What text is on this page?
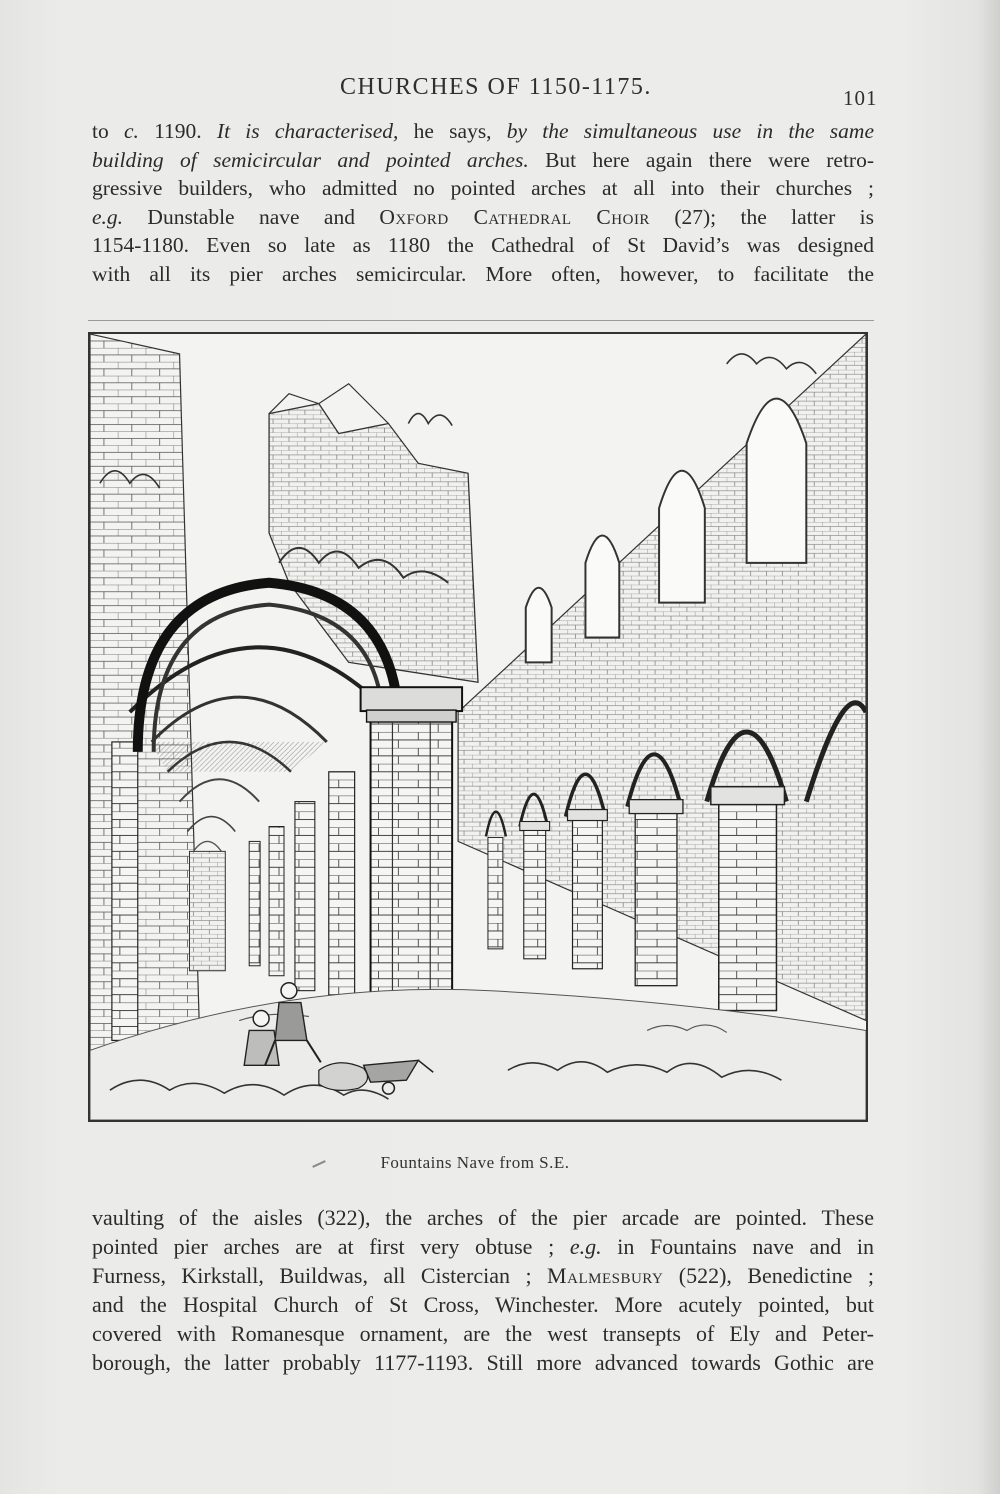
CHURCHES OF 1150-1175.	101
to c. 1190. It is characterised, he says, by the simultaneous use in the same
building of semicircular and pointed arches. But here again there were retro-
gressive builders, who admitted no pointed arches at all into their churches ;
e.g. Dunstable nave and Oxford Cathedral Choir (27); the latter is
1154-1180. Even so late as 1180 the Cathedral of St David’s was designed
with all its pier arches semicircular. More often, however, to facilitate the
Fountains Nave from S.E.
vaulting of the aisles (322), the arches of the pier arcade are pointed. These
pointed pier arches are at first very obtuse ; e.g. in Fountains nave and in
Furness, Kirkstall, Buildwas, all Cistercian ; Malmesbury (522), Benedictine ;
and the Hospital Church of St Cross, Winchester. More acutely pointed, but
covered with Romanesque ornament, are the west transepts of Ely and Peter-
borough, the latter probably 1177-1193. Still more advanced towards Gothic are
